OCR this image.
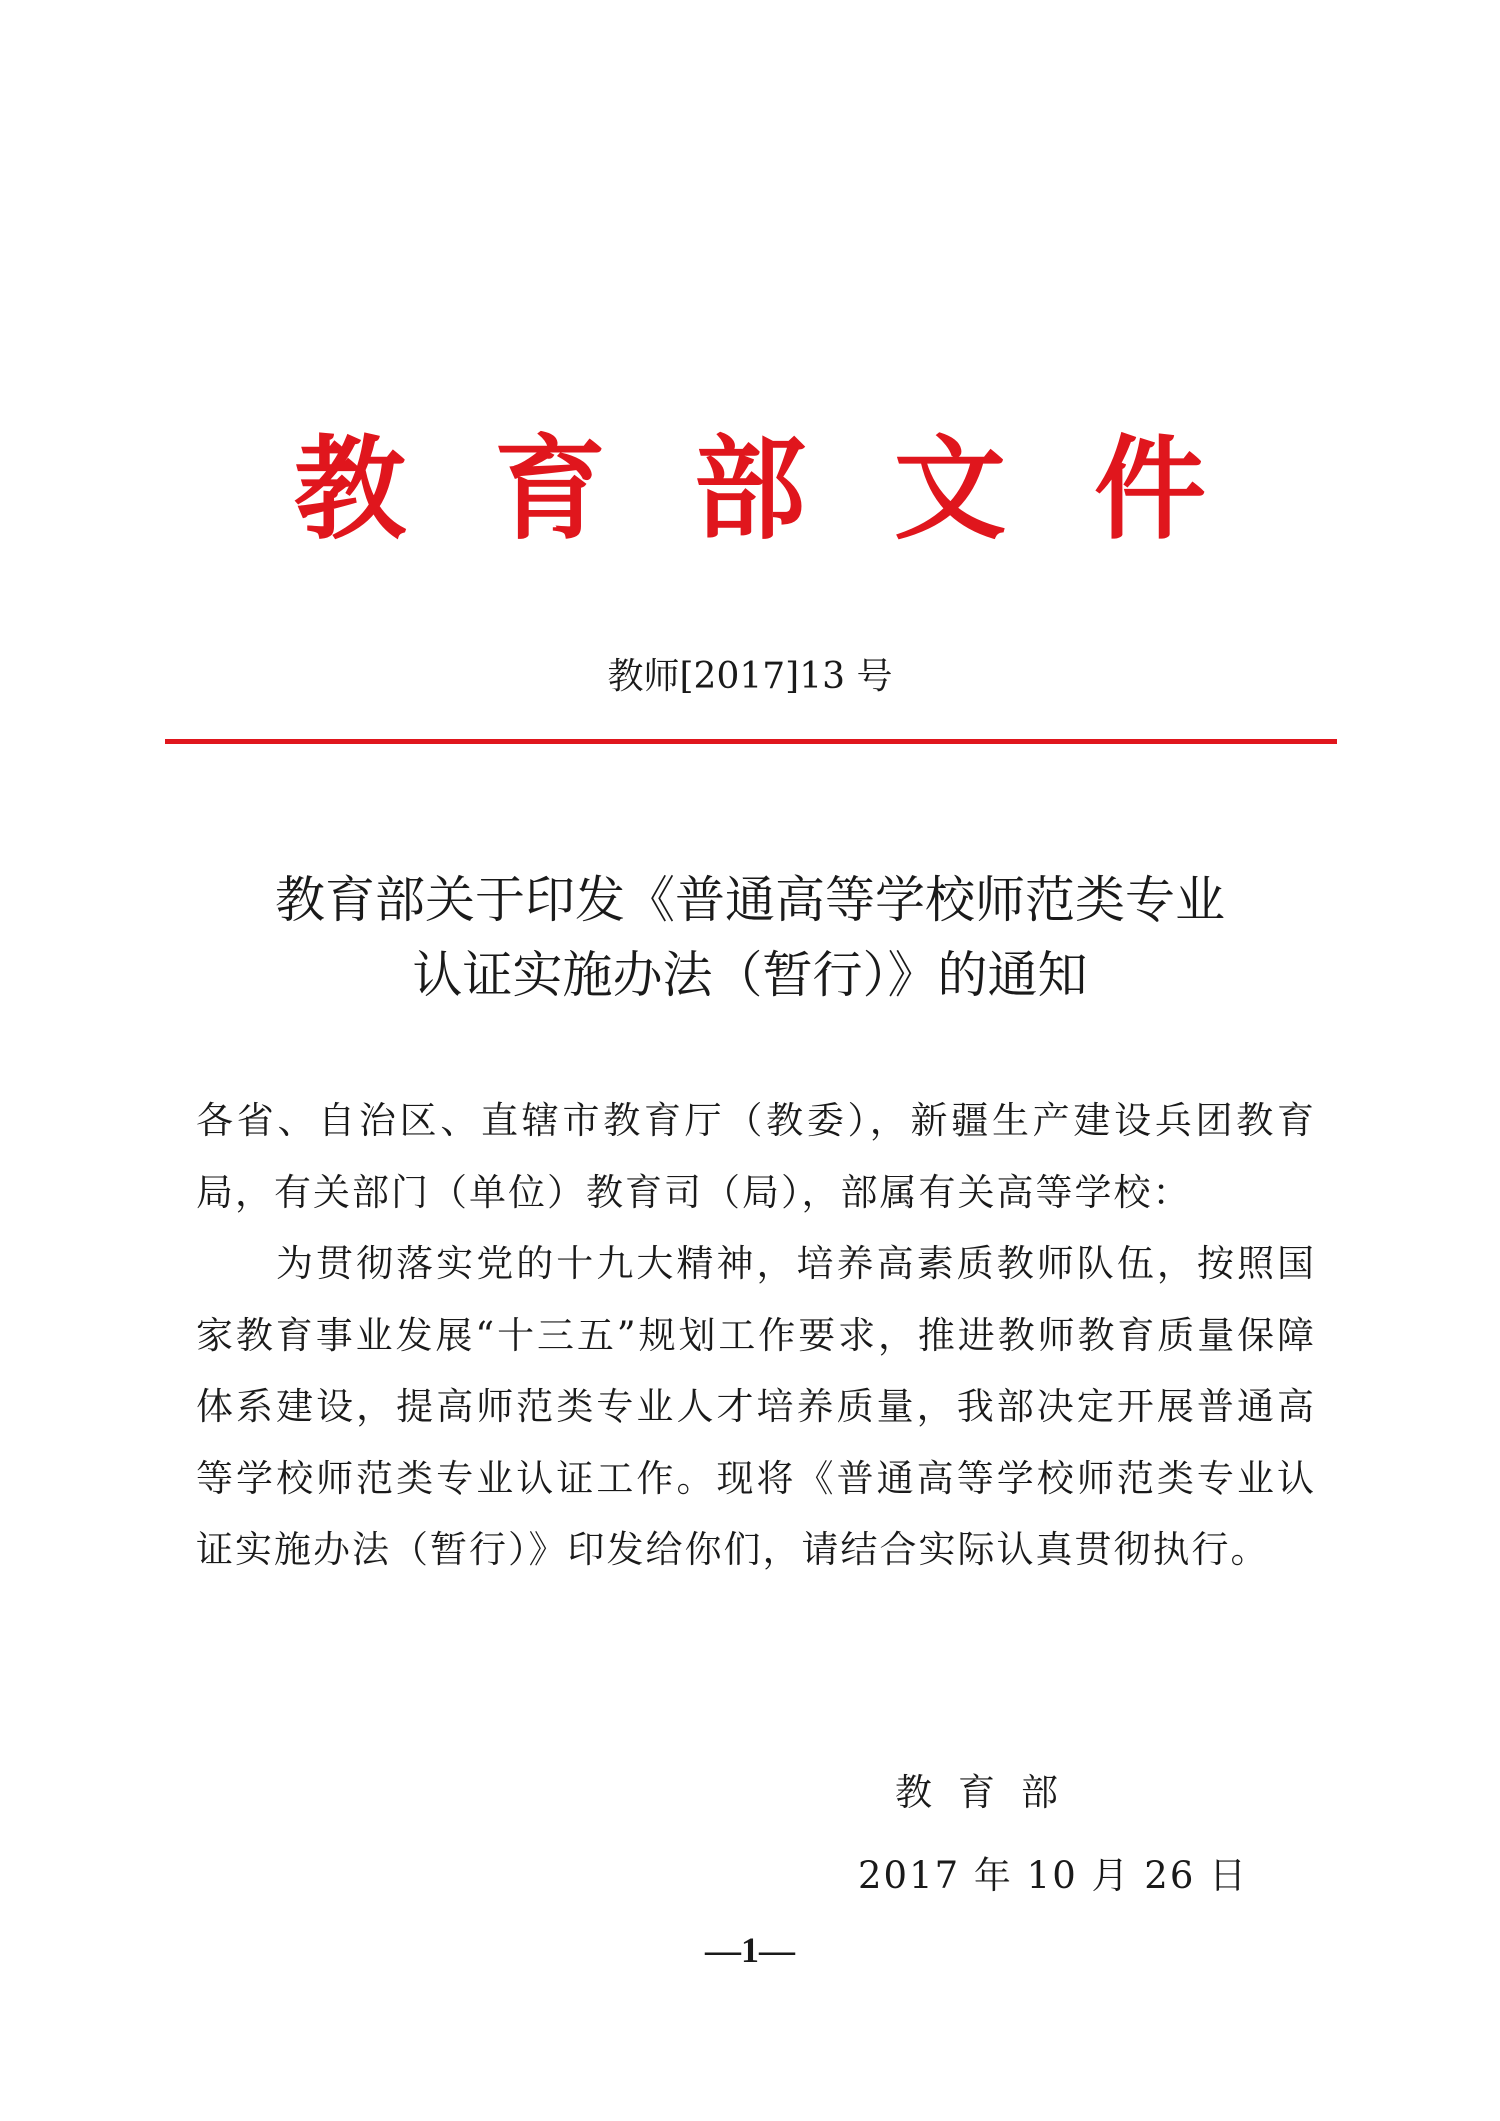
教育部文件
教师[2017]13 号
教育部关于印发《普通高等学校师范类专业
认证实施办法（暂行）》的通知
各省、自治区、直辖市教育厅（教委），新疆生产建设兵团教育局，有关部门（单位）教育司（局），部属有关高等学校：
为贯彻落实党的十九大精神，培养高素质教师队伍，按照国家教育事业发展“十三五”规划工作要求，推进教师教育质量保障体系建设，提高师范类专业人才培养质量，我部决定开展普通高等学校师范类专业认证工作。现将《普通高等学校师范类专业认证实施办法（暂行）》印发给你们，请结合实际认真贯彻执行。
教育部
2017 年 10 月 26 日
—1—
